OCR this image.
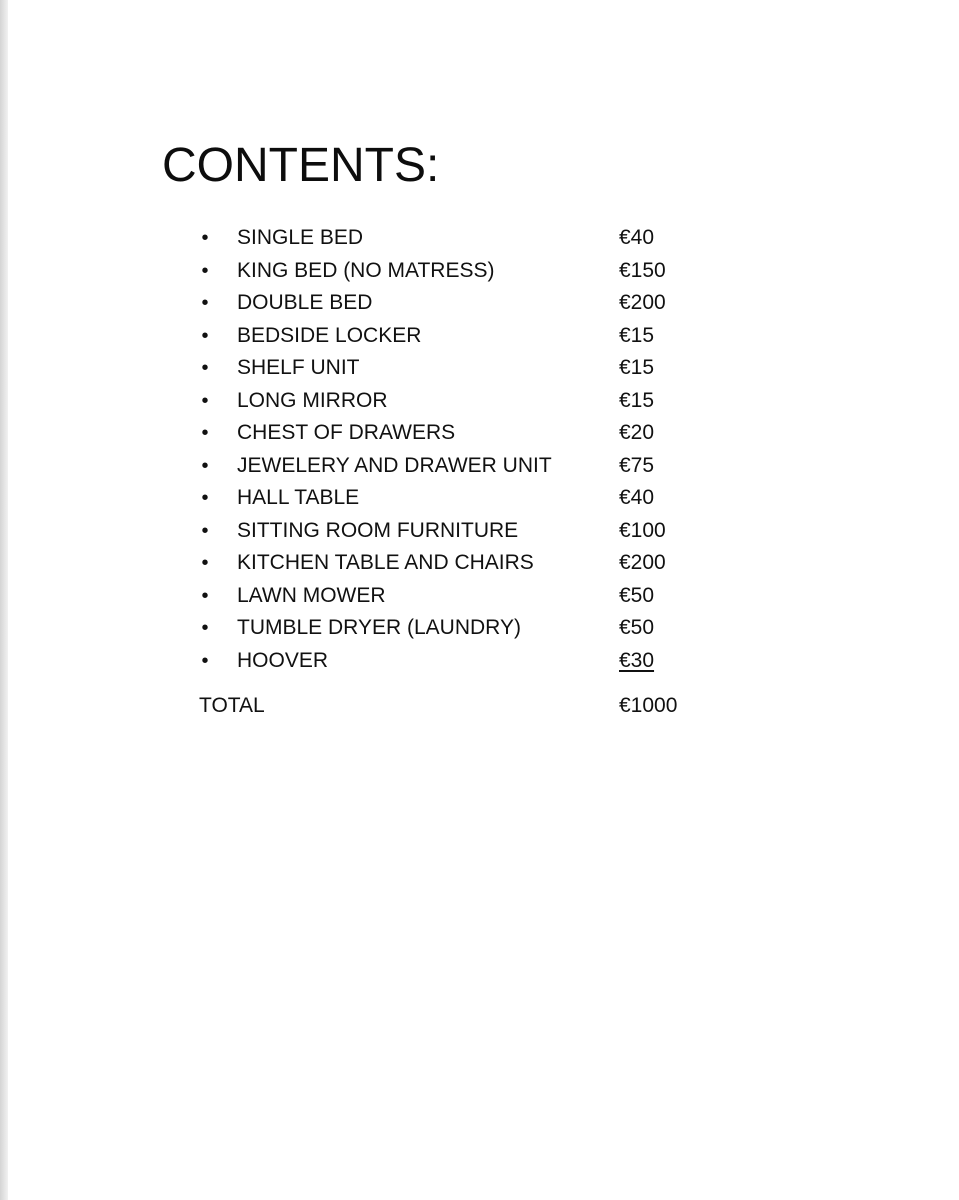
CONTENTS:
• SINGLE BED	€40
• KING BED (NO MATRESS)	€150
• DOUBLE BED	€200
• BEDSIDE LOCKER	€15
• SHELF UNIT	€15
• LONG MIRROR	€15
• CHEST OF DRAWERS	€20
• JEWELERY AND DRAWER UNIT	€75
• HALL TABLE	€40
• SITTING ROOM FURNITURE	€100
• KITCHEN TABLE AND CHAIRS	€200
• LAWN MOWER	€50
• TUMBLE DRYER (LAUNDRY)	€50
• HOOVER	€30
TOTAL	€1000
